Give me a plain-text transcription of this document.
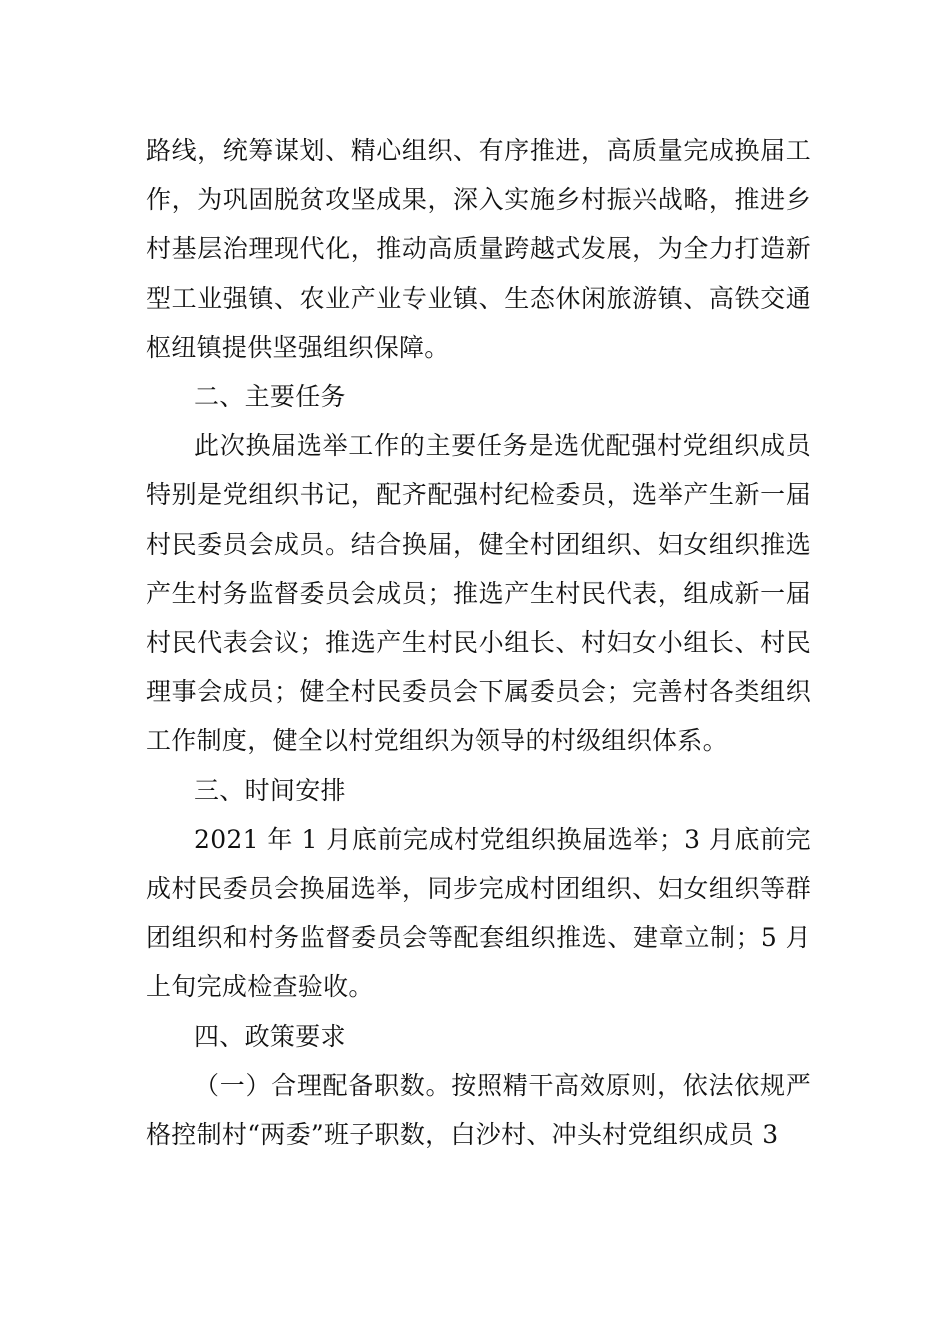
路线，统筹谋划、精心组织、有序推进，高质量完成换届工作，为巩固脱贫攻坚成果，深入实施乡村振兴战略，推进乡村基层治理现代化，推动高质量跨越式发展，为全力打造新型工业强镇、农业产业专业镇、生态休闲旅游镇、高铁交通枢纽镇提供坚强组织保障。

二、主要任务

此次换届选举工作的主要任务是选优配强村党组织成员特别是党组织书记，配齐配强村纪检委员，选举产生新一届村民委员会成员。结合换届，健全村团组织、妇女组织推选产生村务监督委员会成员；推选产生村民代表，组成新一届村民代表会议；推选产生村民小组长、村妇女小组长、村民理事会成员；健全村民委员会下属委员会；完善村各类组织工作制度，健全以村党组织为领导的村级组织体系。

三、时间安排

2021 年 1 月底前完成村党组织换届选举；3 月底前完成村民委员会换届选举，同步完成村团组织、妇女组织等群团组织和村务监督委员会等配套组织推选、建章立制；5 月上旬完成检查验收。

四、政策要求

（一）合理配备职数。按照精干高效原则，依法依规严格控制村“两委”班子职数，白沙村、冲头村党组织成员 3
